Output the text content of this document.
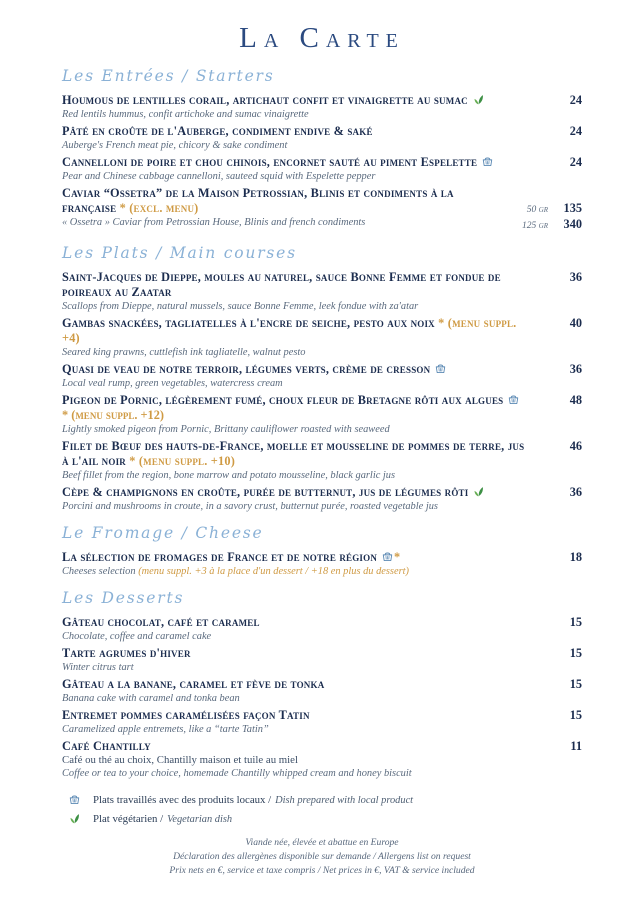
La Carte
Les Entrées / Starters
Houmous de lentilles corail, artichaut confit et vinaigrette au sumac
Red lentils hummus, confit artichoke and sumac vinaigrette
24
Pâté en croûte de l'Auberge, condiment endive & saké
Auberge's French meat pie, chicory & sake condiment
24
Cannelloni de poire et chou chinois, encornet sauté au piment Espelette
Pear and Chinese cabbage cannelloni, sauteed squid with Espelette pepper
24
Caviar “Ossetra” de la Maison Petrossian, Blinis et condiments à la française * (excl. menu)
« Ossetra » Caviar from Petrossian House, Blinis and french condiments
50 gr	135
125 gr	340
Les Plats / Main courses
Saint-Jacques de Dieppe, moules au naturel, sauce Bonne Femme et fondue de poireaux au Zaatar
Scallops from Dieppe, natural mussels, sauce Bonne Femme, leek fondue with za'atar
36
Gambas snackées, tagliatelles à l'encre de seiche, pesto aux noix * (menu suppl. +4)
Seared king prawns, cuttlefish ink tagliatelle, walnut pesto
40
Quasi de veau de notre terroir, légumes verts, crème de cresson
Local veal rump, green vegetables, watercress cream
36
Pigeon de Pornic, légèrement fumé, choux fleur de Bretagne rôti aux algues
* (menu suppl. +12)
Lightly smoked pigeon from Pornic, Brittany cauliflower roasted with seaweed
48
Filet de Bœuf des hauts-de-France, moelle et mousseline de pommes de terre, jus à l'ail noir * (menu suppl. +10)
Beef fillet from the region, bone marrow and potato mousseline, black garlic jus
46
Cèpe & champignons en croûte, purée de butternut, jus de légumes rôti
Porcini and mushrooms in croute, in a savory crust, butternut purée, roasted vegetable jus
36
Le Fromage / Cheese
La sélection de fromages de France et de notre région *
Cheeses selection (menu suppl. +3 à la place d'un dessert / +18 en plus du dessert)
18
Les Desserts
Gâteau chocolat, café et caramel
Chocolate, coffee and caramel cake
15
Tarte agrumes d'hiver
Winter citrus tart
15
Gâteau a la banane, caramel et fève de tonka
Banana cake with caramel and tonka bean
15
Entremet pommes caramélisées façon Tatin
Caramelized apple entremets, like a “tarte Tatin”
15
Café Chantilly
Café ou thé au choix, Chantilly maison et tuile au miel
Coffee or tea to your choice, homemade Chantilly whipped cream and honey biscuit
11
Plats travaillés avec des produits locaux / Dish prepared with local product
Plat végétarien / Vegetarian dish
Viande née, élevée et abattue en Europe
Déclaration des allergènes disponible sur demande / Allergens list on request
Prix nets en €, service et taxe compris / Net prices in €, VAT & service included
